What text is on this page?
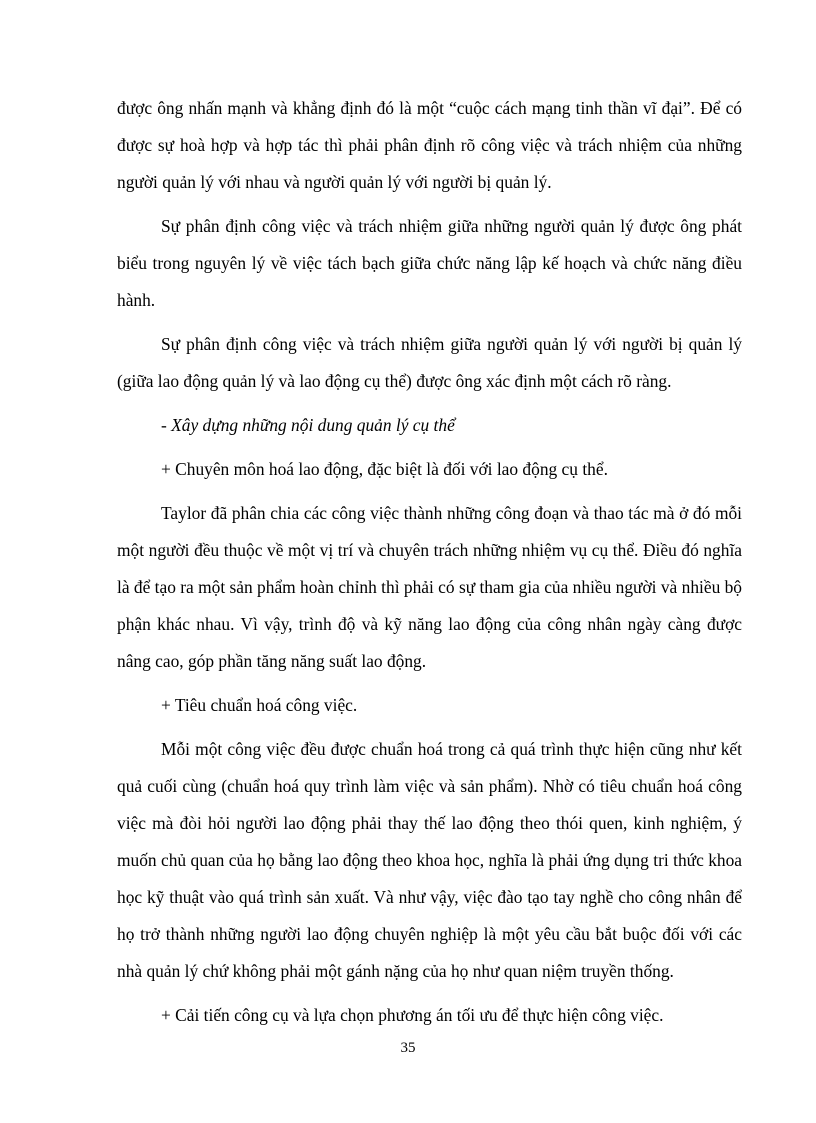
được ông nhấn mạnh và khẳng định đó là một “cuộc cách mạng tinh thần vĩ đại”. Để có được sự hoà hợp và hợp tác thì phải phân định rõ công việc và trách nhiệm của những người quản lý với nhau và người quản lý với người bị quản lý.

Sự phân định công việc và trách nhiệm giữa những người quản lý được ông phát biểu trong nguyên lý về việc tách bạch giữa chức năng lập kế hoạch và chức năng điều hành.

Sự phân định công việc và trách nhiệm giữa người quản lý với người bị quản lý (giữa lao động quản lý và lao động cụ thể) được ông xác định một cách rõ ràng.

- Xây dựng những nội dung quản lý cụ thể

+ Chuyên môn hoá lao động, đặc biệt là đối với lao động cụ thể.

Taylor đã phân chia các công việc thành những công đoạn và thao tác mà ở đó mỗi một người đều thuộc về một vị trí và chuyên trách những nhiệm vụ cụ thể. Điều đó nghĩa là để tạo ra một sản phẩm hoàn chỉnh thì phải có sự tham gia của nhiều người và nhiều bộ phận khác nhau. Vì vậy, trình độ và kỹ năng lao động của công nhân ngày càng được nâng cao, góp phần tăng năng suất lao động.

+ Tiêu chuẩn hoá công việc.

Mỗi một công việc đều được chuẩn hoá trong cả quá trình thực hiện cũng như kết quả cuối cùng (chuẩn hoá quy trình làm việc và sản phẩm). Nhờ có tiêu chuẩn hoá công việc mà đòi hỏi người lao động phải thay thế lao động theo thói quen, kinh nghiệm, ý muốn chủ quan của họ bằng lao động theo khoa học, nghĩa là phải ứng dụng tri thức khoa học kỹ thuật vào quá trình sản xuất. Và như vậy, việc đào tạo tay nghề cho công nhân để họ trở thành những người lao động chuyên nghiệp là một yêu cầu bắt buộc đối với các nhà quản lý chứ không phải một gánh nặng của họ như quan niệm truyền thống.

+ Cải tiến công cụ và lựa chọn phương án tối ưu để thực hiện công việc.

35
